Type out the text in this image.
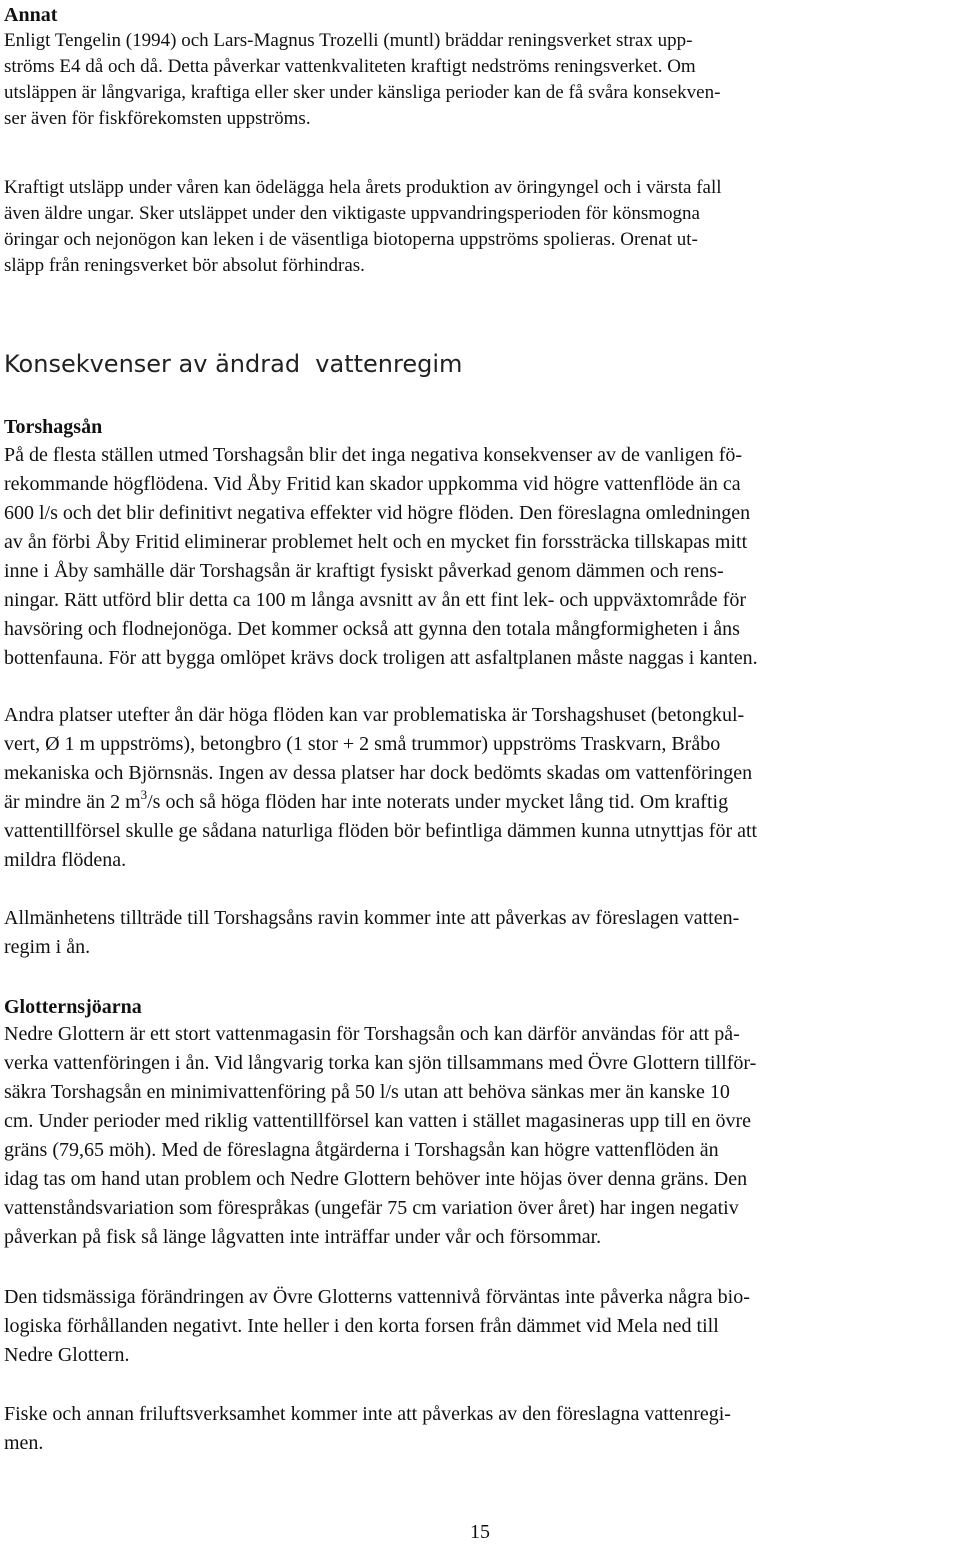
Annat
Enligt Tengelin (1994) och Lars-Magnus Trozelli (muntl) bräddar reningsverket strax upp-
ströms E4 då och då. Detta påverkar vattenkvaliteten kraftigt nedströms reningsverket. Om
utsläppen är långvariga, kraftiga eller sker under känsliga perioder kan de få svåra konsekven-
ser även för fiskförekomsten uppströms.
Kraftigt utsläpp under våren kan ödelägga hela årets produktion av öringyngel och i värsta fall
även äldre ungar. Sker utsläppet under den viktigaste uppvandringsperioden för könsmogna
öringar och nejonögon kan leken i de väsentliga biotoperna uppströms spolieras. Orenat ut-
släpp från reningsverket bör absolut förhindras.
Konsekvenser av ändrad  vattenregim
Torshagsån
På de flesta ställen utmed Torshagsån blir det inga negativa konsekvenser av de vanligen fö-
rekommande högflödena. Vid Åby Fritid kan skador uppkomma vid högre vattenflöde än ca
600 l/s och det blir definitivt negativa effekter vid högre flöden. Den föreslagna omledningen
av ån förbi Åby Fritid eliminerar problemet helt och en mycket fin forssträcka tillskapas mitt
inne i Åby samhälle där Torshagsån är kraftigt fysiskt påverkad genom dämmen och rens-
ningar. Rätt utförd blir detta ca 100 m långa avsnitt av ån ett fint lek- och uppväxtområde för
havsöring och flodnejonöga. Det kommer också att gynna den totala mångformigheten i åns
bottenfauna. För att bygga omlöpet krävs dock troligen att asfaltplanen måste naggas i kanten.
Andra platser utefter ån där höga flöden kan var problematiska är Torshagshuset (betongkul-
vert, Ø 1 m uppströms), betongbro (1 stor + 2 små trummor) uppströms Traskvarn, Bråbo
mekaniska och Björnsnäs. Ingen av dessa platser har dock bedömts skadas om vattenföringen
är mindre än 2 $m^3/s$ och så höga flöden har inte noterats under mycket lång tid. Om kraftig
vattentillförsel skulle ge sådana naturliga flöden bör befintliga dämmen kunna utnyttjas för att
mildra flödena.
Allmänhetens tillträde till Torshagsåns ravin kommer inte att påverkas av föreslagen vatten-
regim i ån.
Glotternsjöarna
Nedre Glottern är ett stort vattenmagasin för Torshagsån och kan därför användas för att på-
verka vattenföringen i ån. Vid långvarig torka kan sjön tillsammans med Övre Glottern tillför-
säkra Torshagsån en minimivattenföring på 50 l/s utan att behöva sänkas mer än kanske 10
cm. Under perioder med riklig vattentillförsel kan vatten i stället magasineras upp till en övre
gräns (79,65 möh). Med de föreslagna åtgärderna i Torshagsån kan högre vattenflöden än
idag tas om hand utan problem och Nedre Glottern behöver inte höjas över denna gräns. Den
vattenståndsvariation som förespråkas (ungefär 75 cm variation över året) har ingen negativ
påverkan på fisk så länge lågvatten inte inträffar under vår och försommar.
Den tidsmässiga förändringen av Övre Glotterns vattennivå förväntas inte påverka några bio-
logiska förhållanden negativt. Inte heller i den korta forsen från dämmet vid Mela ned till
Nedre Glottern.
Fiske och annan friluftsverksamhet kommer inte att påverkas av den föreslagna vattenregi-
men.
15
